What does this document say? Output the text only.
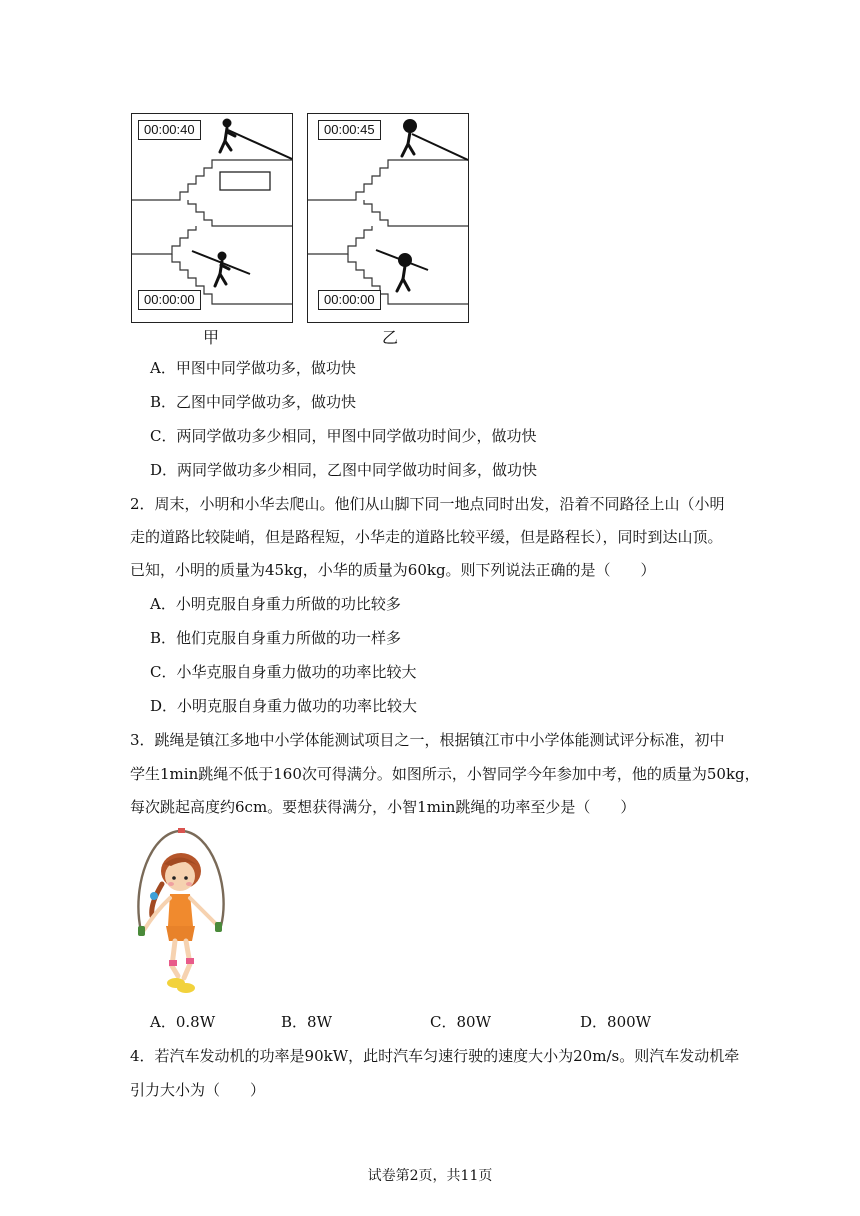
00:00:40
00:00:00
甲
00:00:45
00:00:00
乙
A．甲图中同学做功多，做功快
B．乙图中同学做功多，做功快
C．两同学做功多少相同，甲图中同学做功时间少，做功快
D．两同学做功多少相同，乙图中同学做功时间多，做功快
2．周末，小明和小华去爬山。他们从山脚下同一地点同时出发，沿着不同路径上山（小明
走的道路比较陡峭，但是路程短，小华走的道路比较平缓，但是路程长），同时到达山顶。
已知，小明的质量为45kg，小华的质量为60kg。则下列说法正确的是（　　）
A．小明克服自身重力所做的功比较多
B．他们克服自身重力所做的功一样多
C．小华克服自身重力做功的功率比较大
D．小明克服自身重力做功的功率比较大
3．跳绳是镇江多地中小学体能测试项目之一，根据镇江市中小学体能测试评分标准，初中
学生1min跳绳不低于160次可得满分。如图所示，小智同学今年参加中考，他的质量为50kg，
每次跳起高度约6cm。要想获得满分，小智1min跳绳的功率至少是（　　）
A．0.8W	B．8W	C．80W	D．800W
4．若汽车发动机的功率是90kW，此时汽车匀速行驶的速度大小为20m/s。则汽车发动机牵
引力大小为（　　）
试卷第2页，共11页
